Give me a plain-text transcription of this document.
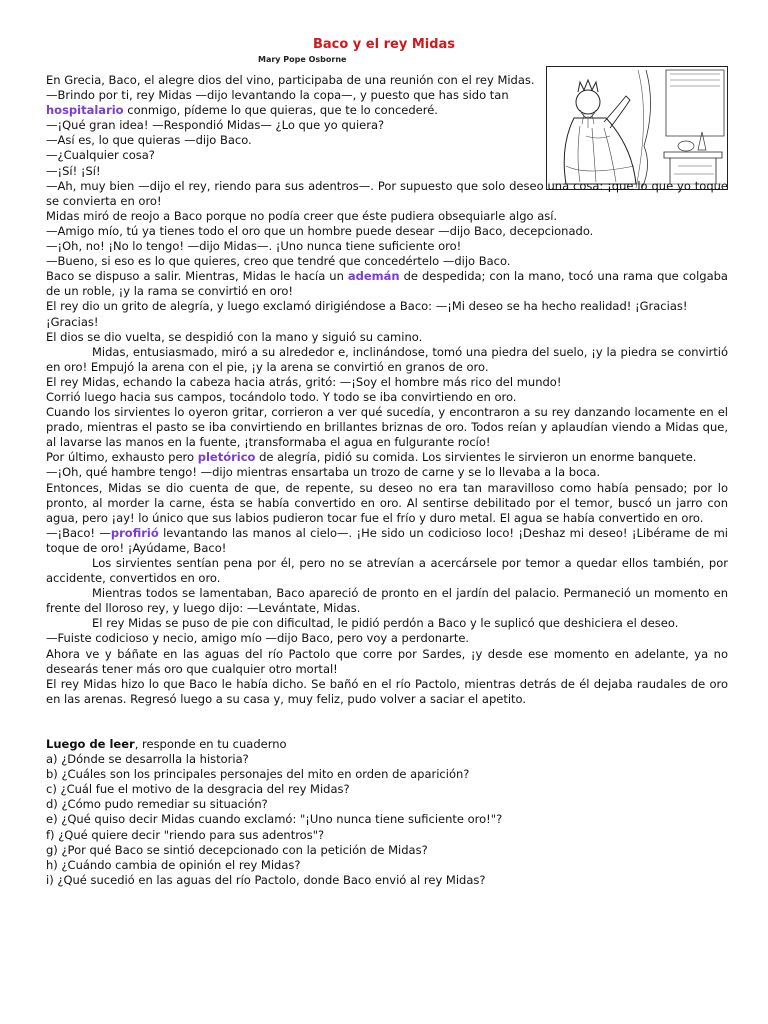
Baco y el rey Midas
Mary Pope Osborne

En Grecia, Baco, el alegre dios del vino, participaba de una reunión con el rey Midas. —Brindo por ti, rey Midas —dijo levantando la copa—, y puesto que has sido tan hospitalario conmigo, pídeme lo que quieras, que te lo concederé.

—¡Qué gran idea! —Respondió Midas— ¿Lo que yo quiera?

—Así es, lo que quieras —dijo Baco.

—¿Cualquier cosa?

—¡Sí! ¡Sí!

—Ah, muy bien —dijo el rey, riendo para sus adentros—. Por supuesto que solo deseo una cosa: ¡que lo que yo toque se convierta en oro!

Midas miró de reojo a Baco porque no podía creer que éste pudiera obsequiarle algo así.

—Amigo mío, tú ya tienes todo el oro que un hombre puede desear —dijo Baco, decepcionado.

—¡Oh, no! ¡No lo tengo! —dijo Midas—. ¡Uno nunca tiene suficiente oro!

—Bueno, si eso es lo que quieres, creo que tendré que concedértelo —dijo Baco.

Baco se dispuso a salir. Mientras, Midas le hacía un ademán de despedida; con la mano, tocó una rama que colgaba de un roble, ¡y la rama se convirtió en oro!

El rey dio un grito de alegría, y luego exclamó dirigiéndose a Baco: —¡Mi deseo se ha hecho realidad! ¡Gracias! ¡Gracias!

El dios se dio vuelta, se despidió con la mano y siguió su camino.

Midas, entusiasmado, miró a su alrededor e, inclinándose, tomó una piedra del suelo, ¡y la piedra se convirtió en oro! Empujó la arena con el pie, ¡y la arena se convirtió en granos de oro.

El rey Midas, echando la cabeza hacia atrás, gritó: —¡Soy el hombre más rico del mundo!

Corrió luego hacia sus campos, tocándolo todo. Y todo se iba convirtiendo en oro.

Cuando los sirvientes lo oyeron gritar, corrieron a ver qué sucedía, y encontraron a su rey danzando locamente en el prado, mientras el pasto se iba convirtiendo en brillantes briznas de oro. Todos reían y aplaudían viendo a Midas que, al lavarse las manos en la fuente, ¡transformaba el agua en fulgurante rocío!

Por último, exhausto pero pletórico de alegría, pidió su comida. Los sirvientes le sirvieron un enorme banquete.

—¡Oh, qué hambre tengo! —dijo mientras ensartaba un trozo de carne y se lo llevaba a la boca.

Entonces, Midas se dio cuenta de que, de repente, su deseo no era tan maravilloso como había pensado; por lo pronto, al morder la carne, ésta se había convertido en oro. Al sentirse debilitado por el temor, buscó un jarro con agua, pero ¡ay! lo único que sus labios pudieron tocar fue el frío y duro metal. El agua se había convertido en oro.

—¡Baco! —profirió levantando las manos al cielo—. ¡He sido un codicioso loco! ¡Deshaz mi deseo! ¡Libérame de mi toque de oro! ¡Ayúdame, Baco!

Los sirvientes sentían pena por él, pero no se atrevían a acercársele por temor a quedar ellos también, por accidente, convertidos en oro.

Mientras todos se lamentaban, Baco apareció de pronto en el jardín del palacio. Permaneció un momento en frente del lloroso rey, y luego dijo: —Levántate, Midas.

El rey Midas se puso de pie con dificultad, le pidió perdón a Baco y le suplicó que deshiciera el deseo.

—Fuiste codicioso y necio, amigo mío —dijo Baco, pero voy a perdonarte.

Ahora ve y báñate en las aguas del río Pactolo que corre por Sardes, ¡y desde ese momento en adelante, ya no desearás tener más oro que cualquier otro mortal!

El rey Midas hizo lo que Baco le había dicho. Se bañó en el río Pactolo, mientras detrás de él dejaba raudales de oro en las arenas. Regresó luego a su casa y, muy feliz, pudo volver a saciar el apetito.

Luego de leer, responde en tu cuaderno

a) ¿Dónde se desarrolla la historia?

b) ¿Cuáles son los principales personajes del mito en orden de aparición?

c) ¿Cuál fue el motivo de la desgracia del rey Midas?

d) ¿Cómo pudo remediar su situación?

e) ¿Qué quiso decir Midas cuando exclamó: "¡Uno nunca tiene suficiente oro!"?

f) ¿Qué quiere decir "riendo para sus adentros"?

g) ¿Por qué Baco se sintió decepcionado con la petición de Midas?

h) ¿Cuándo cambia de opinión el rey Midas?

i) ¿Qué sucedió en las aguas del río Pactolo, donde Baco envió al rey Midas?
